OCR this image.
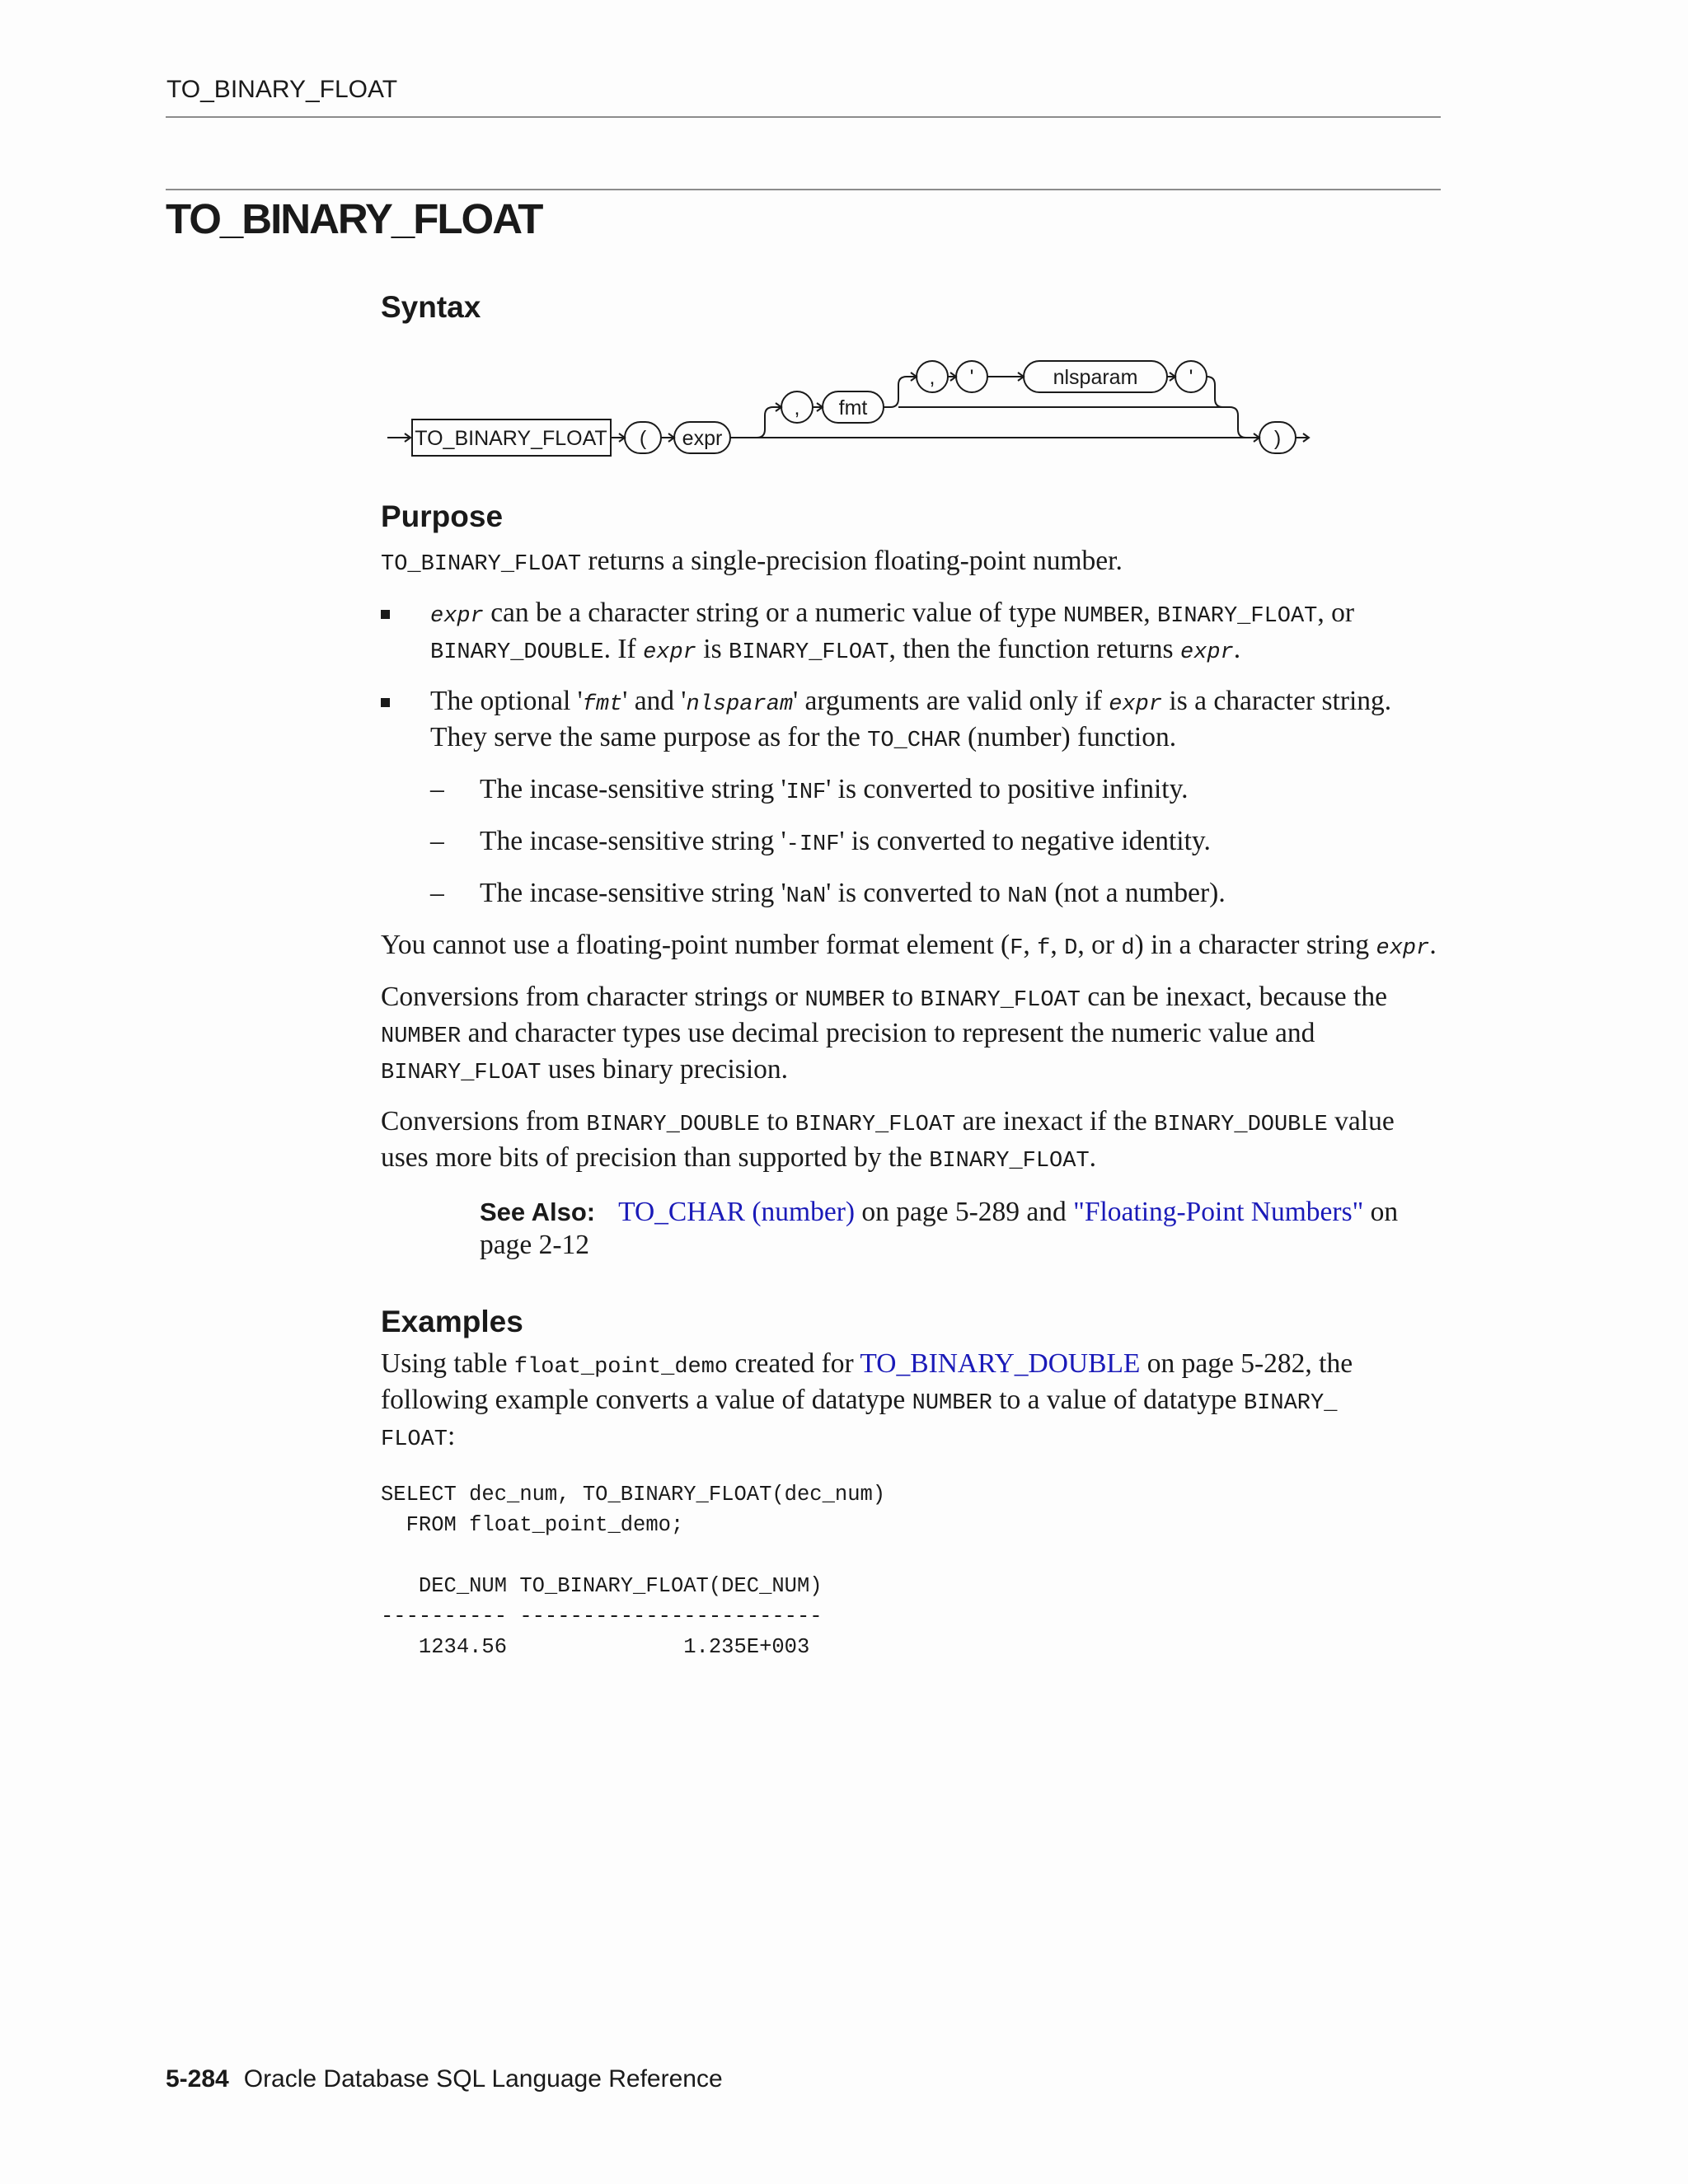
TO_BINARY_FLOAT
TO_BINARY_FLOAT
Syntax
TO_BINARY_FLOAT ( expr
, fmt
, '	nlsparam '
)
Purpose

TO_BINARY_FLOAT returns a single-precision floating-point number.

expr can be a character string or a numeric value of type NUMBER, BINARY_FLOAT, or BINARY_DOUBLE. If expr is BINARY_FLOAT, then the function returns expr.
The optional 'fmt' and 'nlsparam' arguments are valid only if expr is a character string. They serve the same purpose as for the TO_CHAR (number) function.
– The incase-sensitive string 'INF' is converted to positive infinity.
– The incase-sensitive string '-INF' is converted to negative identity.
– The incase-sensitive string 'NaN' is converted to NaN (not a number).

You cannot use a floating-point number format element (F, f, D, or d) in a character string expr.

Conversions from character strings or NUMBER to BINARY_FLOAT can be inexact, because the NUMBER and character types use decimal precision to represent the numeric value and BINARY_FLOAT uses binary precision.

Conversions from BINARY_DOUBLE to BINARY_FLOAT are inexact if the BINARY_DOUBLE value uses more bits of precision than supported by the BINARY_FLOAT.

See Also: TO_CHAR (number) on page 5-289 and "Floating-Point Numbers" on page 2-12
Examples

Using table float_point_demo created for TO_BINARY_DOUBLE on page 5-282, the following example converts a value of datatype NUMBER to a value of datatype BINARY_
FLOAT:

SELECT dec_num, TO_BINARY_FLOAT(dec_num)
FROM float_point_demo;

DEC_NUM TO_BINARY_FLOAT(DEC_NUM)
---------- ------------------------
1234.56              1.235E+003
5-284 Oracle Database SQL Language Reference
